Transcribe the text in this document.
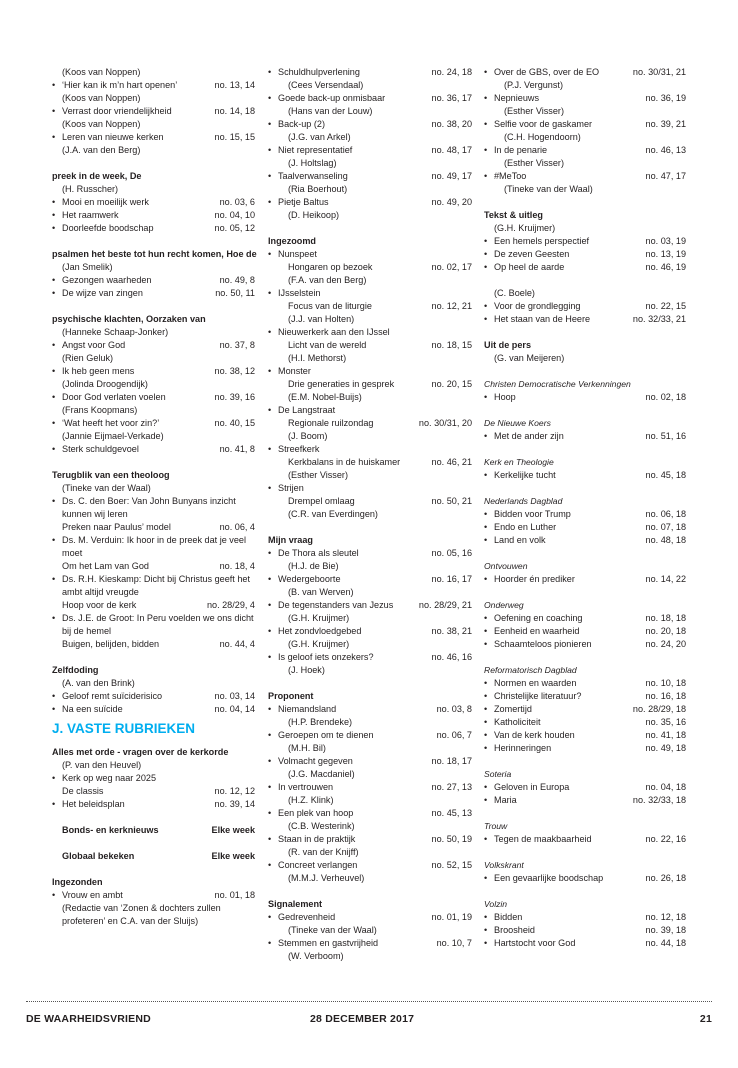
(Koos van Noppen)
• ‘Hier kan ik m’n hart openen’	no. 13, 14
(Koos van Noppen)
• Verrast door vriendelijkheid	no. 14, 18
(Koos van Noppen)
• Leren van nieuwe kerken	no. 15, 15
(J.A. van den Berg)
preek in de week, De
(H. Russcher)
• Mooi en moeilijk werk	no. 03, 6
• Het raamwerk	no. 04, 10
• Doorleefde boodschap	no. 05, 12
psalmen het beste tot hun recht komen, Hoe de
(Jan Smelik)
• Gezongen waarheden	no. 49, 8
• De wijze van zingen	no. 50, 11
psychische klachten, Oorzaken van
(Hanneke Schaap-Jonker)
• Angst voor God	no. 37, 8
(Rien Geluk)
• Ik heb geen mens	no. 38, 12
(Jolinda Droogendijk)
• Door God verlaten voelen	no. 39, 16
(Frans Koopmans)
• ‘Wat heeft het voor zin?’	no. 40, 15
(Jannie Eijmael-Verkade)
• Sterk schuldgevoel	no. 41, 8
Terugblik van een theoloog
(Tineke van der Waal)
• Ds. C. den Boer: Van John Bunyans inzicht
kunnen wij leren
Preken naar Paulus’ model	no. 06, 4
• Ds. M. Verduin: Ik hoor in de preek dat je veel
moet
Om het Lam van God	no. 18, 4
• Ds. R.H. Kieskamp: Dicht bij Christus geeft het
ambt altijd vreugde
Hoop voor de kerk	no. 28/29, 4
• Ds. J.E. de Groot: In Peru voelden we ons dicht
bij de hemel
Buigen, belijden, bidden	no. 44, 4
Zelfdoding
(A. van den Brink)
• Geloof remt suïciderisico	no. 03, 14
• Na een suïcide	no. 04, 14
J. VASTE RUBRIEKEN
Alles met orde - vragen over de kerkorde
(P. van den Heuvel)
• Kerk op weg naar 2025
De classis	no. 12, 12
• Het beleidsplan	no. 39, 14
Bonds- en kerknieuws	Elke week
Globaal bekeken	Elke week
Ingezonden
• Vrouw en ambt	no. 01, 18
(Redactie van ‘Zonen & dochters zullen
profeteren’ en C.A. van der Sluijs)
• Schuldhulpverlening	no. 24, 18
(Cees Versendaal)
• Goede back-up onmisbaar	no. 36, 17
(Hans van der Louw)
• Back-up (2)	no. 38, 20
(J.G. van Arkel)
• Niet representatief	no. 48, 17
(J. Holtslag)
• Taalverwanseling	no. 49, 17
(Ria Boerhout)
• Pietje Baltus	no. 49, 20
(D. Heikoop)
Ingezoomd
• Nunspeet
Hongaren op bezoek	no. 02, 17
(F.A. van den Berg)
• IJsselstein
Focus van de liturgie	no. 12, 21
(J.J. van Holten)
• Nieuwerkerk aan den IJssel
Licht van de wereld	no. 18, 15
(H.I. Methorst)
• Monster
Drie generaties in gesprek	no. 20, 15
(E.M. Nobel-Buijs)
• De Langstraat
Regionale ruilzondag	no. 30/31, 20
(J. Boom)
• Streefkerk
Kerkbalans in de huiskamer	no. 46, 21
(Esther Visser)
• Strijen
Drempel omlaag	no. 50, 21
(C.R. van Everdingen)
Mijn vraag
• De Thora als sleutel	no. 05, 16
(H.J. de Bie)
• Wedergeboorte	no. 16, 17
(B. van Werven)
• De tegenstanders van Jezus	no. 28/29, 21
(G.H. Kruijmer)
• Het zondvloedgebed	no. 38, 21
(G.H. Kruijmer)
• Is geloof iets onzekers?	no. 46, 16
(J. Hoek)
Proponent
• Niemandsland	no. 03, 8
(H.P. Brendeke)
• Geroepen om te dienen	no. 06, 7
(M.H. Bil)
• Volmacht gegeven	no. 18, 17
(J.G. Macdaniel)
• In vertrouwen	no. 27, 13
(H.Z. Klink)
• Een plek van hoop	no. 45, 13
(C.B. Westerink)
• Staan in de praktijk	no. 50, 19
(R. van der Knijff)
• Concreet verlangen	no. 52, 15
(M.M.J. Verheuvel)
Signalement
• Gedrevenheid	no. 01, 19
(Tineke van der Waal)
• Stemmen en gastvrijheid	no. 10, 7
(W. Verboom)
• Over de GBS, over de EO	no. 30/31, 21
(P.J. Vergunst)
• Nepnieuws	no. 36, 19
(Esther Visser)
• Selfie voor de gaskamer	no. 39, 21
(C.H. Hogendoorn)
• In de penarie	no. 46, 13
(Esther Visser)
• #MeToo	no. 47, 17
(Tineke van der Waal)
Tekst & uitleg
(G.H. Kruijmer)
• Een hemels perspectief	no. 03, 19
• De zeven Geesten	no. 13, 19
• Op heel de aarde	no. 46, 19
(C. Boele)
• Voor de grondlegging	no. 22, 15
• Het staan van de Heere	no. 32/33, 21
Uit de pers
(G. van Meijeren)
Christen Democratische Verkenningen
• Hoop	no. 02, 18
De Nieuwe Koers
• Met de ander zijn	no. 51, 16
Kerk en Theologie
• Kerkelijke tucht	no. 45, 18
Nederlands Dagblad
• Bidden voor Trump	no. 06, 18
• Endo en Luther	no. 07, 18
• Land en volk	no. 48, 18
Ontvouwen
• Hoorder én prediker	no. 14, 22
Onderweg
• Oefening en coaching	no. 18, 18
• Eenheid en waarheid	no. 20, 18
• Schaamteloos pionieren	no. 24, 20
Reformatorisch Dagblad
• Normen en waarden	no. 10, 18
• Christelijke literatuur?	no. 16, 18
• Zomertijd	no. 28/29, 18
• Katholiciteit	no. 35, 16
• Van de kerk houden	no. 41, 18
• Herinneringen	no. 49, 18
Soteria
• Geloven in Europa	no. 04, 18
• Maria	no. 32/33, 18
Trouw
• Tegen de maakbaarheid	no. 22, 16
Volkskrant
• Een gevaarlijke boodschap	no. 26, 18
Volzin
• Bidden	no. 12, 18
• Broosheid	no. 39, 18
• Hartstocht voor God	no. 44, 18
DE WAARHEIDSVRIEND	28 DECEMBER 2017	21
